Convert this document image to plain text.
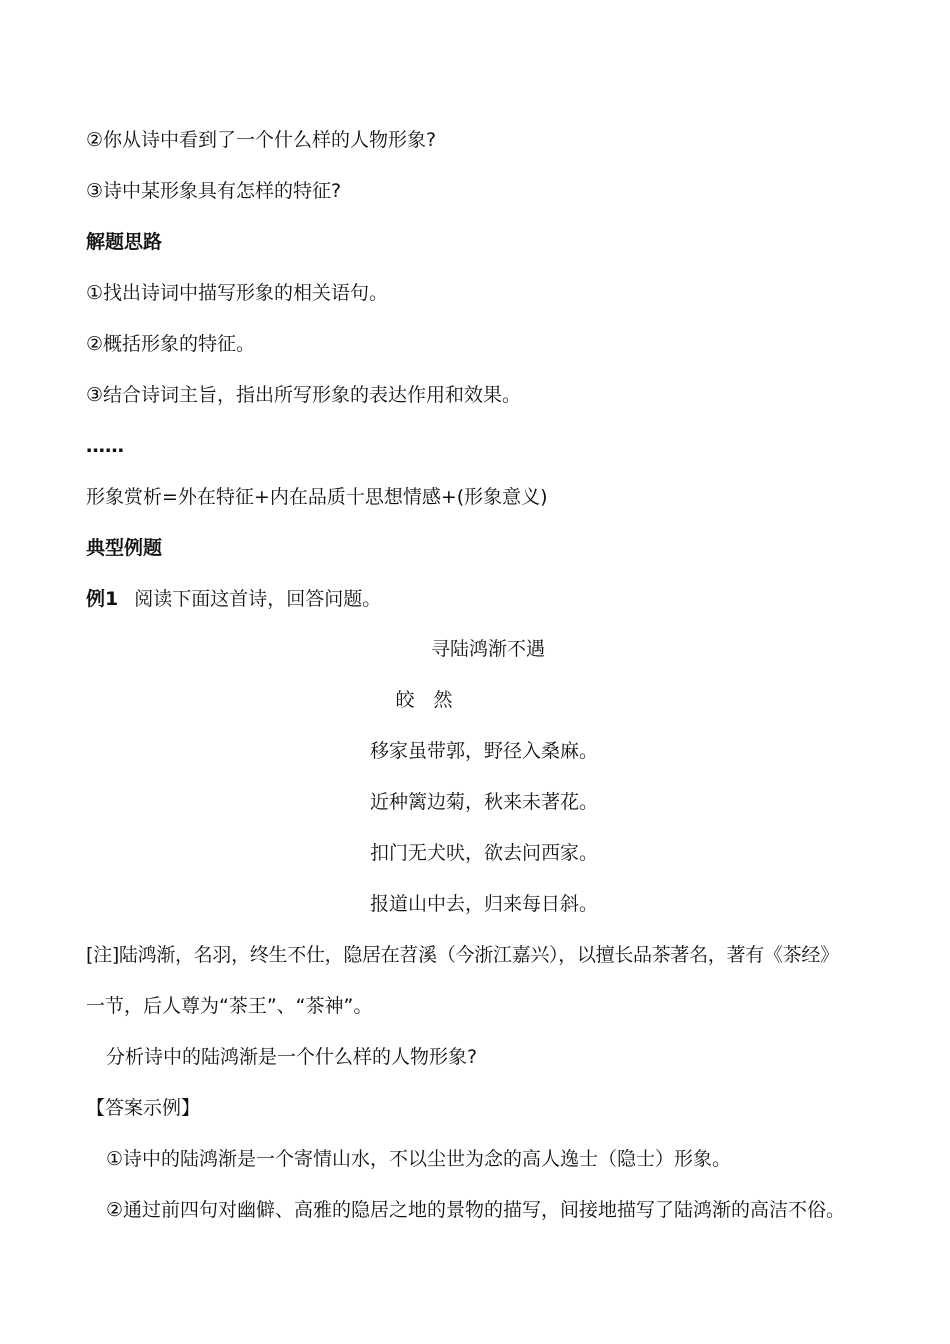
②你从诗中看到了一个什么样的人物形象?
③诗中某形象具有怎样的特征?
解题思路
①找出诗词中描写形象的相关语句。
②概括形象的特征。
③结合诗词主旨，指出所写形象的表达作用和效果。
……
形象赏析=外在特征+内在品质十思想情感+(形象意义)
典型例题
例1 阅读下面这首诗，回答问题。
寻陆鸿渐不遇
皎　然
移家虽带郭，野径入桑麻。
近种篱边菊，秋来未著花。
扣门无犬吠，欲去问西家。
报道山中去，归来每日斜。
[注]陆鸿渐，名羽，终生不仕，隐居在苕溪（今浙江嘉兴），以擅长品茶著名，著有《茶经》
一节，后人尊为“茶王”、“茶神”。
分析诗中的陆鸿渐是一个什么样的人物形象?
【答案示例】
①诗中的陆鸿渐是一个寄情山水，不以尘世为念的高人逸士（隐士）形象。
②通过前四句对幽僻、高雅的隐居之地的景物的描写，间接地描写了陆鸿渐的高洁不俗。
